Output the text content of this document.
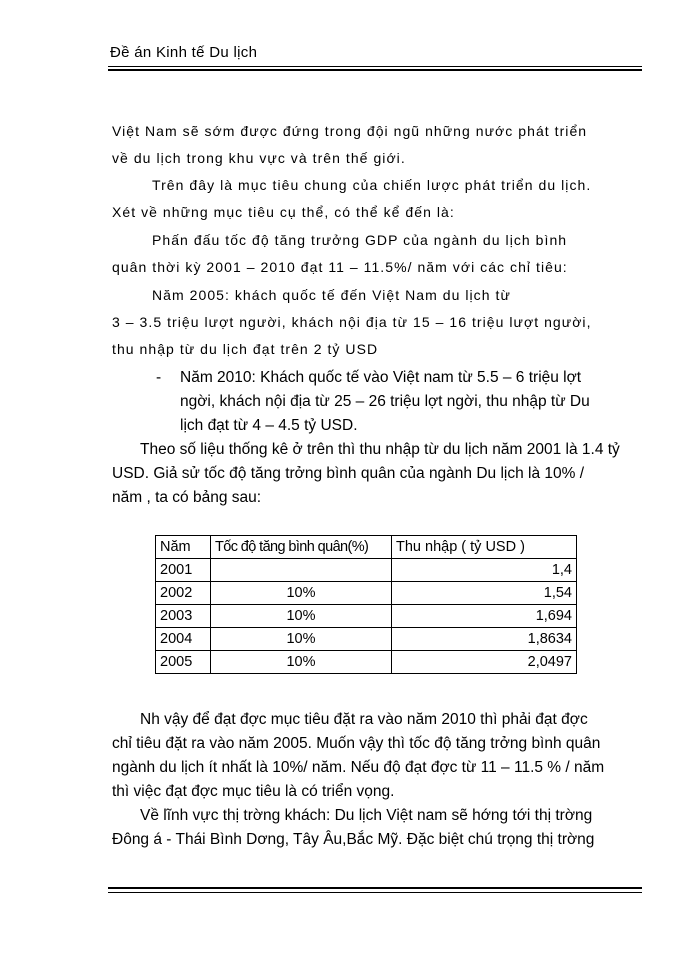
Đề án Kinh tế Du lịch
Việt Nam sẽ sớm được đứng trong đội ngũ những nước phát triển
về du lịch trong khu vực và trên thế giới.
Trên đây là mục tiêu chung của chiến lược phát triển du lịch.
Xét về những mục tiêu cụ thể, có thể kể đến là:
Phấn đấu tốc độ tăng trưởng GDP của ngành du lịch bình
quân thời kỳ 2001 – 2010 đạt 11 – 11.5%/ năm với các chỉ tiêu:
Năm 2005: khách quốc tế đến Việt Nam du lịch từ
3 – 3.5 triệu lượt người, khách nội địa từ 15 – 16 triệu lượt người,
thu nhập từ du lịch đạt trên 2 tỷ USD
- Năm 2010: Khách quốc tế vào Việt nam từ 5.5 – 6 triệu lợt
ngời, khách nội địa từ 25 – 26 triệu lợt ngời, thu nhập từ Du
lịch đạt từ 4 – 4.5 tỷ USD.
Theo số liệu thống kê ở trên thì thu nhập từ du lịch năm 2001 là 1.4 tỷ
USD. Giả sử tốc độ tăng trởng bình quân của ngành Du lịch là 10% /
năm , ta có bảng sau:
Năm	Tốc độ tăng bình quân(%)	Thu nhập ( tỷ USD )
2001		1,4
2002	10%	1,54
2003	10%	1,694
2004	10%	1,8634
2005	10%	2,0497
Nh vậy để đạt đợc mục tiêu đặt ra vào năm 2010 thì phải đạt đợc
chỉ tiêu đặt ra vào năm 2005. Muốn vậy thì tốc độ tăng trởng bình quân
ngành du lịch ít nhất là 10%/ năm. Nếu độ đạt đợc từ 11 – 11.5 % / năm
thì việc đạt đợc mục tiêu là có triển vọng.
Về lĩnh vực thị trờng khách: Du lịch Việt nam sẽ hớng tới thị trờng
Đông á - Thái Bình Dơng, Tây Âu,Bắc Mỹ. Đặc biệt chú trọng thị trờng
